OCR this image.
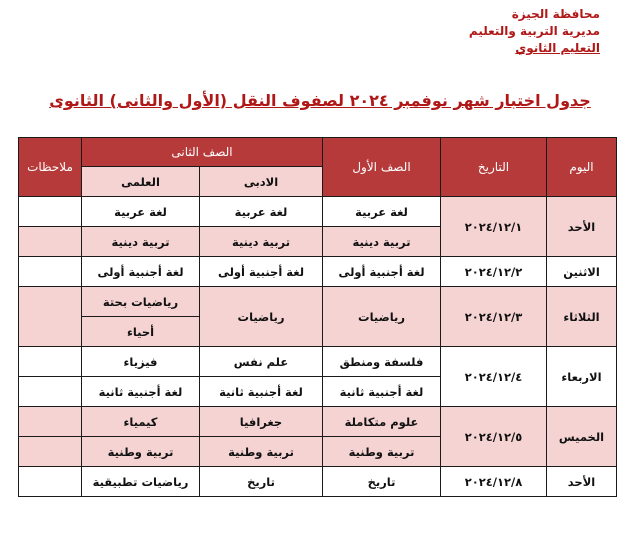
محافظة الجيزة
مديرية التربية والتعليم
التعليم الثانوي
جدول اختبار شهر نوفمبر ٢٠٢٤ لصفوف النقل (الأول والثانى) الثانوى
اليوم	التاريخ	الصف الأول	الصف الثانى		ملاحظات
			الادبى	العلمى	
الأحد	٢٠٢٤/١٢/١	لغة عربية	لغة عربية	لغة عربية	
		تربية دينية	تربية دينية	تربية دينية	
الاثنين	٢٠٢٤/١٢/٢	لغة أجنبية أولى	لغة أجنبية أولى	لغة أجنبية أولى	
الثلاثاء	٢٠٢٤/١٢/٣	رياضيات	رياضيات	رياضيات بحتة	
				أحياء	
الاربعاء	٢٠٢٤/١٢/٤	فلسفة ومنطق	علم نفس	فيزياء	
		لغة أجنبية ثانية	لغة أجنبية ثانية	لغة أجنبية ثانية	
الخميس	٢٠٢٤/١٢/٥	علوم متكاملة	جغرافيا	كيمياء	
		تربية وطنية	تربية وطنية	تربية وطنية	
الأحد	٢٠٢٤/١٢/٨	تاريخ	تاريخ	رياضيات تطبيقية	
